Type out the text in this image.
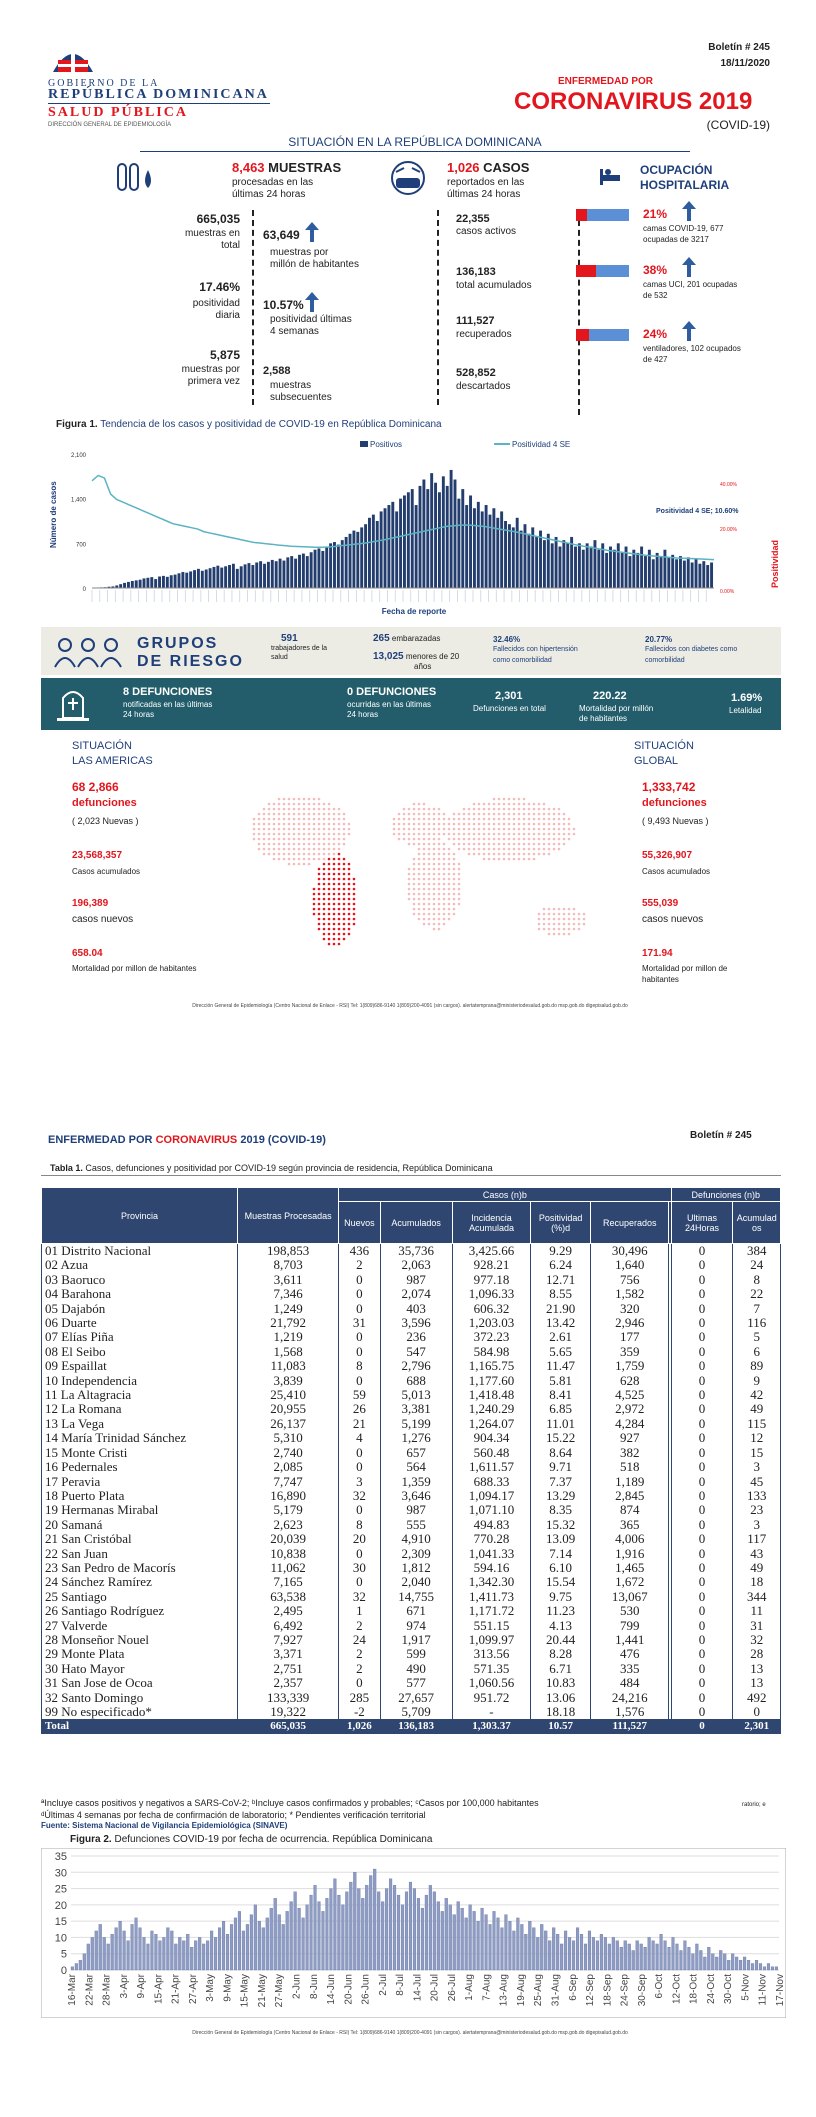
GOBIERNO DE LA
REPÚBLICA DOMINICANA
SALUD PÚBLICA
DIRECCIÓN GENERAL DE EPIDEMIOLOGÍA
Boletín # 245
18/11/2020
ENFERMEDAD POR
CORONAVIRUS 2019
(COVID-19)
SITUACIÓN EN LA REPÚBLICA DOMINICANA
8,463 MUESTRAS
procesadas en las
últimas 24 horas
665,035
muestras en
total
17.46%
positividad
diaria
5,875
muestras por
primera vez
63,649
muestras por
millón de habitantes
10.57%
positividad últimas
4 semanas
2,588
muestras
subsecuentes
1,026 CASOS
reportados en las
últimas 24 horas
22,355
casos activos
136,183
total acumulados
111,527
recuperados
528,852
descartados
OCUPACIÓN
HOSPITALARIA
21%
camas COVID-19, 677
ocupadas de 3217
38%
camas UCI, 201 ocupadas
de 532
24%
ventiladores, 102 ocupados
de 427
Figura 1. Tendencia de los casos y positividad de COVID-19 en República Dominicana
2,100
1,400
700
0
40.00%
20.00%
0.00%
Número de casos
Positividad
Fecha de reporte
Positivos	Positividad 4 SE
Positividad 4 SE; 10.60%
GRUPOS
DE RIESGO
591
trabajadores de la
salud
265 embarazadas
13,025 menores de 20
años
32.46%
Fallecidos con hipertensión
como comorbilidad
20.77%
Fallecidos con diabetes como
comorbilidad
8 DEFUNCIONES
notificadas en las últimas
24 horas
0 DEFUNCIONES
ocurridas en las últimas
24 horas
2,301
Defunciones en total
220.22
Mortalidad por millón
de habitantes
1.69%
Letalidad
SITUACIÓN
LAS AMERICAS
68 2,866
defunciones
( 2,023 Nuevas )
23,568,357
Casos acumulados
196,389
casos nuevos
658.04
Mortalidad por millon de habitantes
SITUACIÓN
GLOBAL
1,333,742
defunciones
( 9,493 Nuevas )
55,326,907
Casos acumulados
555,039
casos nuevos
171.94
Mortalidad por millon de
habitantes
Dirección General de Epidemiología (Centro Nacional de Enlace - RSI) Tel: 1(809)686-9140 1(809)200-4091 (sin cargos). alertatemprana@ministeriodesalud.gob.do msp.gob.do digepisalud.gob.do
ENFERMEDAD POR CORONAVIRUS 2019 (COVID-19)	Boletín # 245
Tabla 1. Casos, defunciones y positividad por COVID-19 según provincia de residencia, República Dominicana
Provincia	Muestras Procesadas	Casos (n)b						Defunciones (n)b	
		Nuevos	Acumulados	Incidencia Acumulada	Positividad (%)d	Recuperados		Ultimas 24Horas	Acumulad os
01 Distrito Nacional	198,853	436	35,736	3,425.66	9.29	30,496		0	384
02 Azua	8,703	2	2,063	928.21	6.24	1,640		0	24
03 Baoruco	3,611	0	987	977.18	12.71	756		0	8
04 Barahona	7,346	0	2,074	1,096.33	8.55	1,582		0	22
05 Dajabón	1,249	0	403	606.32	21.90	320		0	7
06 Duarte	21,792	31	3,596	1,203.03	13.42	2,946		0	116
07 Elías Piña	1,219	0	236	372.23	2.61	177		0	5
08 El Seibo	1,568	0	547	584.98	5.65	359		0	6
09 Espaillat	11,083	8	2,796	1,165.75	11.47	1,759		0	89
10 Independencia	3,839	0	688	1,177.60	5.81	628		0	9
11 La Altagracia	25,410	59	5,013	1,418.48	8.41	4,525		0	42
12 La Romana	20,955	26	3,381	1,240.29	6.85	2,972		0	49
13 La Vega	26,137	21	5,199	1,264.07	11.01	4,284		0	115
14 María Trinidad Sánchez	5,310	4	1,276	904.34	15.22	927		0	12
15 Monte Cristi	2,740	0	657	560.48	8.64	382		0	15
16 Pedernales	2,085	0	564	1,611.57	9.71	518		0	3
17 Peravia	7,747	3	1,359	688.33	7.37	1,189		0	45
18 Puerto Plata	16,890	32	3,646	1,094.17	13.29	2,845		0	133
19 Hermanas Mirabal	5,179	0	987	1,071.10	8.35	874		0	23
20 Samaná	2,623	8	555	494.83	15.32	365		0	3
21 San Cristóbal	20,039	20	4,910	770.28	13.09	4,006		0	117
22 San Juan	10,838	0	2,309	1,041.33	7.14	1,916		0	43
23 San Pedro de Macorís	11,062	30	1,812	594.16	6.10	1,465		0	49
24 Sánchez Ramírez	7,165	0	2,040	1,342.30	15.54	1,672		0	18
25 Santiago	63,538	32	14,755	1,411.73	9.75	13,067		0	344
26 Santiago Rodríguez	2,495	1	671	1,171.72	11.23	530		0	11
27 Valverde	6,492	2	974	551.15	4.13	799		0	31
28 Monseñor Nouel	7,927	24	1,917	1,099.97	20.44	1,441		0	32
29 Monte Plata	3,371	2	599	313.56	8.28	476		0	28
30 Hato Mayor	2,751	2	490	571.35	6.71	335		0	13
31 San Jose de Ocoa	2,357	0	577	1,060.56	10.83	484		0	13
32 Santo Domingo	133,339	285	27,657	951.72	13.06	24,216		0	492
99 No especificado*	19,322	-2	5,709	-	18.18	1,576		0	0
Total	665,035	1,026	136,183	1,303.37	10.57	111,527		0	2,301
ªIncluye casos positivos y negativos a SARS-CoV-2; ᵇIncluye casos confirmados y probables; ᶜCasos por 100,000 habitantes	ratorio; e
ᵈÚltimas 4 semanas por fecha de confirmación de laboratorio; * Pendientes verificación territorial
Fuente: Sistema Nacional de Vigilancia Epidemiológica (SINAVE)
Figura 2. Defunciones COVID-19 por fecha de ocurrencia. República Dominicana
0
5
10
15
20
25
30
35
16-Mar 22-Mar 28-Mar 3-Apr 9-Apr 15-Apr 21-Apr 27-Apr 3-May 9-May 15-May 21-May 27-May 2-Jun 8-Jun 14-Jun 20-Jun 26-Jun 2-Jul 8-Jul 14-Jul 20-Jul 26-Jul 1-Aug 7-Aug 13-Aug 19-Aug 25-Aug 31-Aug 6-Sep 12-Sep 18-Sep 24-Sep 30-Sep 6-Oct 12-Oct 18-Oct 24-Oct 30-Oct 5-Nov 11-Nov 17-Nov
Dirección General de Epidemiología (Centro Nacional de Enlace - RSI) Tel: 1(809)686-9140 1(809)200-4091 (sin cargos). alertatemprana@ministeriodesalud.gob.do msp.gob.do digepisalud.gob.do
